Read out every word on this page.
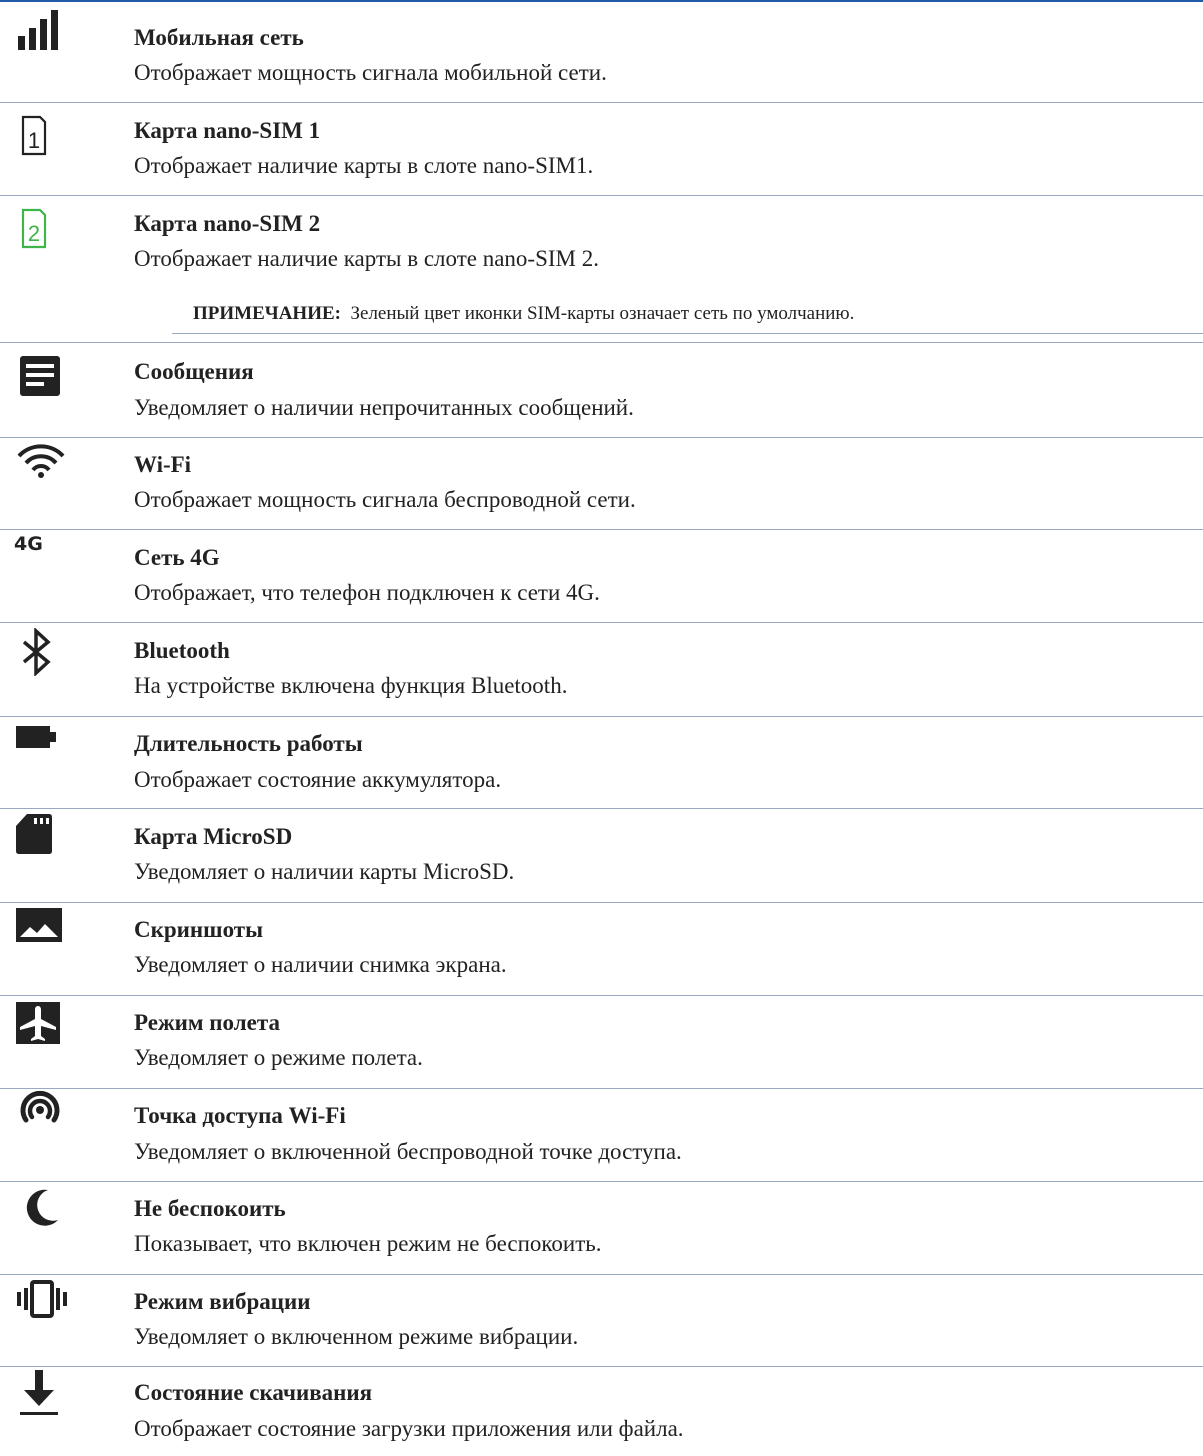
Мобильная сеть
Отображает мощность сигнала мобильной сети.
1	Карта nano-SIM 1
Отображает наличие карты в слоте nano-SIM1.
2	Карта nano-SIM 2
Отображает наличие карты в слоте nano-SIM 2.
ПРИМЕЧАНИЕ: Зеленый цвет иконки SIM-карты означает сеть по умолчанию.
Сообщения
Уведомляет о наличии непрочитанных сообщений.
Wi-Fi
Отображает мощность сигнала беспроводной сети.
4G
Сеть 4G
Отображает, что телефон подключен к сети 4G.
Bluetooth
На устройстве включена функция Bluetooth.
Длительность работы
Отображает состояние аккумулятора.
Карта MicroSD
Уведомляет о наличии карты MicroSD.
Скриншоты
Уведомляет о наличии снимка экрана.
Режим полета
Уведомляет о режиме полета.
Точка доступа Wi-Fi
Уведомляет о включенной беспроводной точке доступа.
Не беспокоить
Показывает, что включен режим не беспокоить.
Режим вибрации
Уведомляет о включенном режиме вибрации.
Состояние скачивания
Отображает состояние загрузки приложения или файла.
